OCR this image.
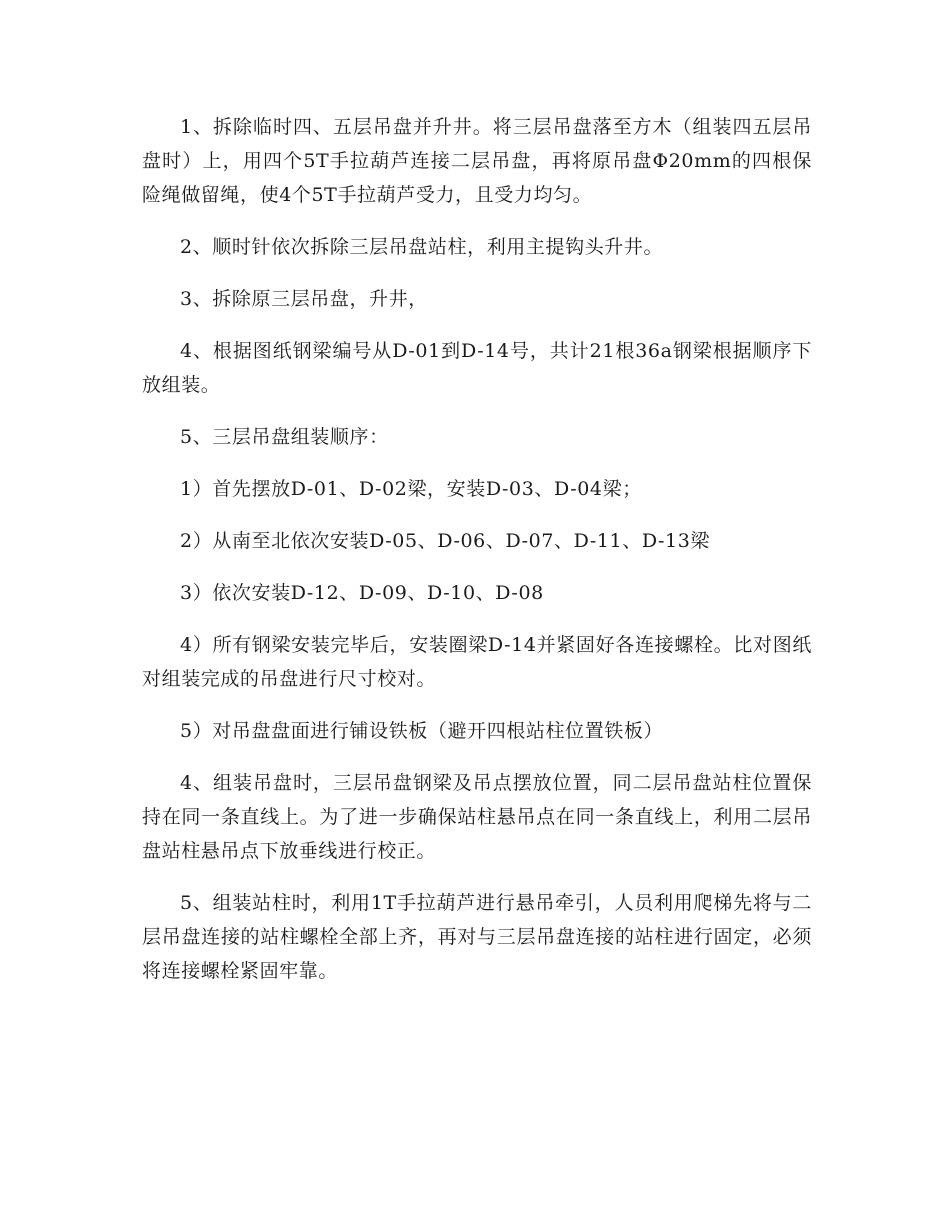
1、拆除临时四、五层吊盘并升井。将三层吊盘落至方木（组装四五层吊盘时）上，用四个5T手拉葫芦连接二层吊盘，再将原吊盘Φ20mm的四根保险绳做留绳，使4个5T手拉葫芦受力，且受力均匀。

2、顺时针依次拆除三层吊盘站柱，利用主提钩头升井。

3、拆除原三层吊盘，升井，

4、根据图纸钢梁编号从D-01到D-14号，共计21根36a钢梁根据顺序下放组装。

5、三层吊盘组装顺序：

1）首先摆放D-01、D-02梁，安装D-03、D-04梁；

2）从南至北依次安装D-05、D-06、D-07、D-11、D-13梁

3）依次安装D-12、D-09、D-10、D-08

4）所有钢梁安装完毕后，安装圈梁D-14并紧固好各连接螺栓。比对图纸对组装完成的吊盘进行尺寸校对。

5）对吊盘盘面进行铺设铁板（避开四根站柱位置铁板）

4、组装吊盘时，三层吊盘钢梁及吊点摆放位置，同二层吊盘站柱位置保持在同一条直线上。为了进一步确保站柱悬吊点在同一条直线上，利用二层吊盘站柱悬吊点下放垂线进行校正。

5、组装站柱时，利用1T手拉葫芦进行悬吊牵引，人员利用爬梯先将与二层吊盘连接的站柱螺栓全部上齐，再对与三层吊盘连接的站柱进行固定，必须将连接螺栓紧固牢靠。
